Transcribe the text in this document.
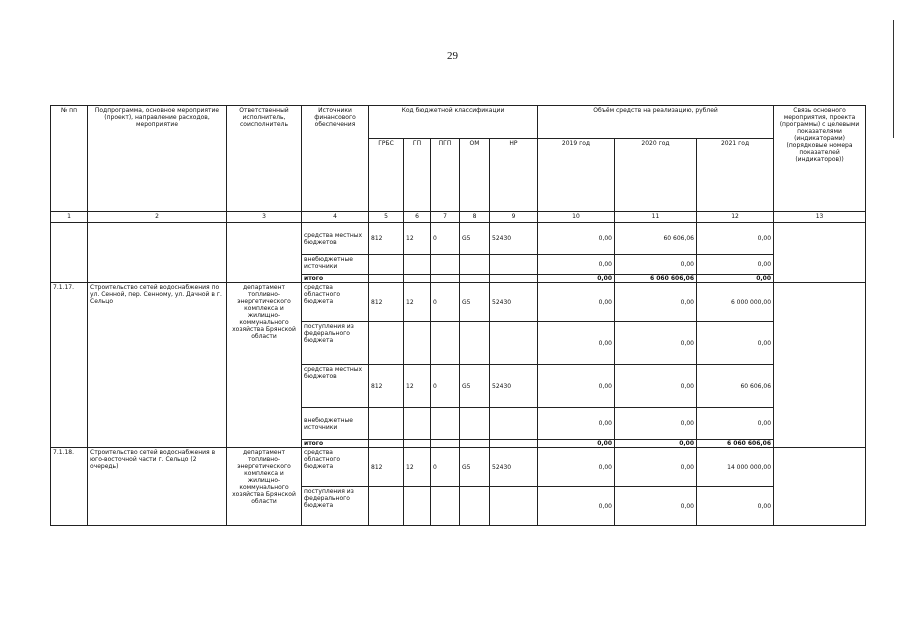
29
№ пп	Подпрограмма, основное мероприятие (проект), направление расходов, мероприятие	Ответственный исполнитель, соисполнитель	Источники финансового обеспечения	Код бюджетной классификации					Объём средств на реализацию, рублей			Связь основного мероприятия, проекта (программы) с целевыми показателями (индикаторами) (порядковые номера показателей (индикаторов))
				ГРБС	ГП	ПГП	ОМ	НР	2019 год	2020 год	2021 год	
1	2	3	4	5	6	7	8	9	10	11	12	13
			средства местных бюджетов	812	12	0	G5	52430	0,00	60 606,06	0,00	
			внебюджетные источники						0,00	0,00	0,00	
			итого						0,00	6 060 606,06	0,00	
7.1.17.	Строительство сетей водоснабжения по ул. Сенной, пер. Сенному, ул. Дачной в г. Сельцо	департамент топливно-энергетического комплекса и жилищно-коммунального хозяйства Брянской области	средства областного бюджета	812	12	0	G5	52430	0,00	0,00	6 000 000,00	
			поступления из федерального бюджета						0,00	0,00	0,00	
			средства местных бюджетов	812	12	0	G5	52430	0,00	0,00	60 606,06	
			внебюджетные источники						0,00	0,00	0,00	
			итого						0,00	0,00	6 060 606,06	
7.1.18.	Строительство сетей водоснабжения в юго-восточной части г. Сельцо (2 очередь)	департамент топливно-энергетического комплекса и жилищно-коммунального хозяйства Брянской области	средства областного бюджета	812	12	0	G5	52430	0,00	0,00	14 000 000,00	
			поступления из федерального бюджета						0,00	0,00	0,00	
